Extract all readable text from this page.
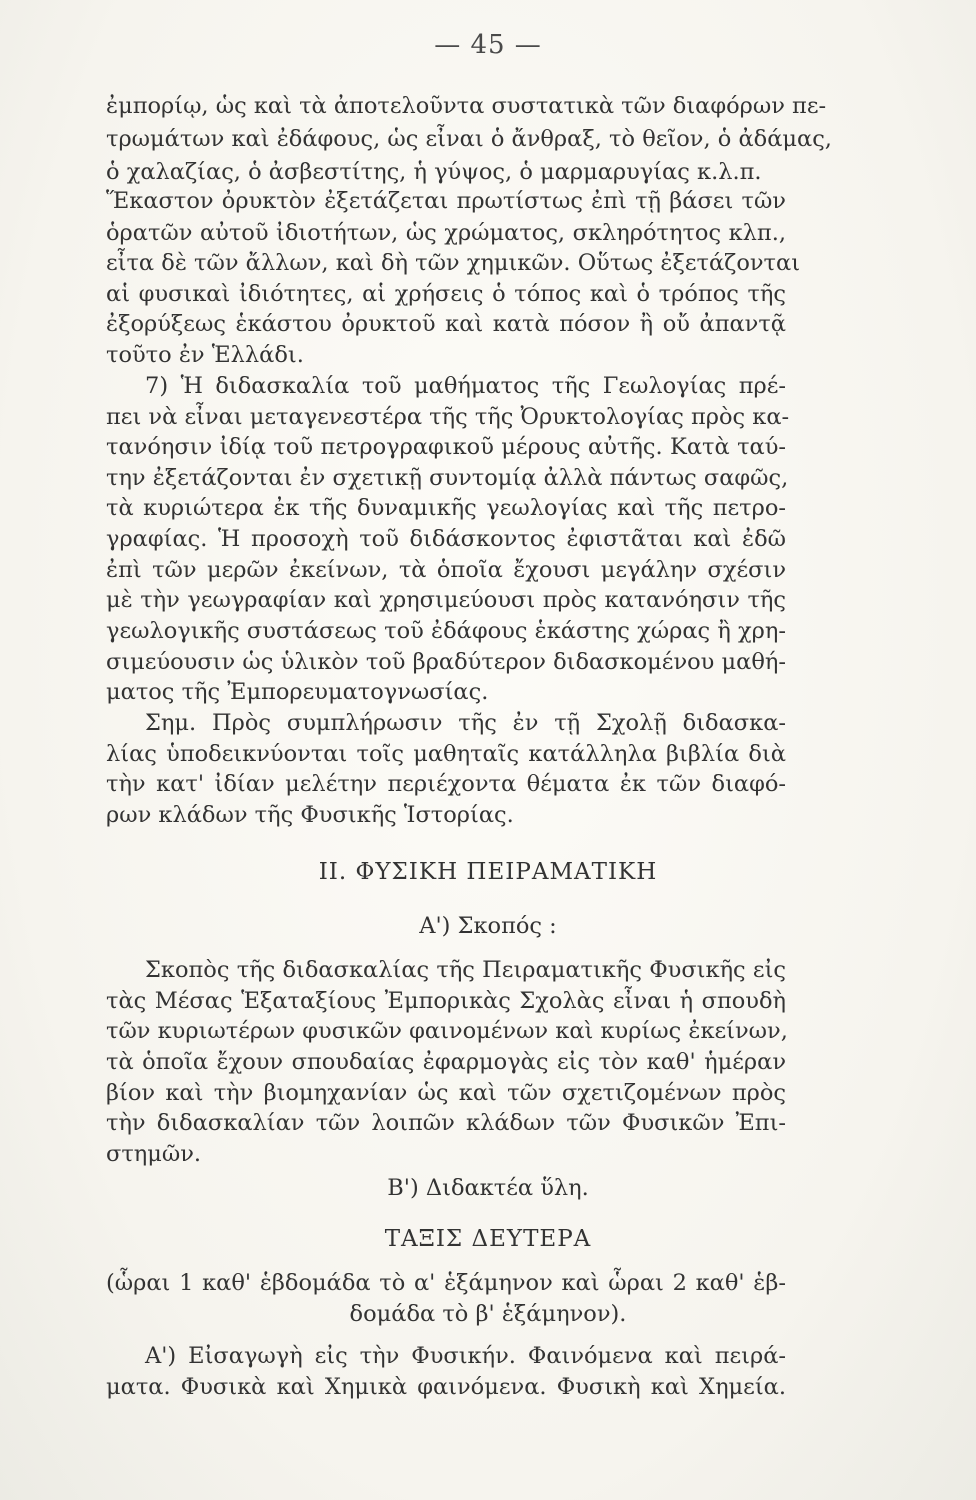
— 45 —
ἐμπορίῳ, ὡς καὶ τὰ ἀποτελοῦντα συστατικὰ τῶν διαφόρων πε-
τρωμάτων καὶ ἐδάφους, ὡς εἶναι ὁ ἄνθραξ, τὸ θεῖον, ὁ ἀδάμας,
ὁ χαλαζίας, ὁ ἀσβεστίτης, ἡ γύψος, ὁ μαρμαρυγίας κ.λ.π.
Ἕκαστον ὀρυκτὸν ἐξετάζεται πρωτίστως ἐπὶ τῇ βάσει τῶν
ὁρατῶν αὐτοῦ ἰδιοτήτων, ὡς χρώματος, σκληρότητος κλπ.,
εἶτα δὲ τῶν ἄλλων, καὶ δὴ τῶν χημικῶν. Οὕτως ἐξετάζονται
αἱ φυσικαὶ ἰδιότητες, αἱ χρήσεις ὁ τόπος καὶ ὁ τρόπος τῆς
ἐξορύξεως ἑκάστου ὀρυκτοῦ καὶ κατὰ πόσον ἢ οὔ ἀπαντᾷ
τοῦτο ἐν Ἑλλάδι.
7) Ἡ διδασκαλία τοῦ μαθήματος τῆς Γεωλογίας πρέ-
πει νὰ εἶναι μεταγενεστέρα τῆς τῆς Ὀρυκτολογίας πρὸς κα-
τανόησιν ἰδίᾳ τοῦ πετρογραφικοῦ μέρους αὐτῆς. Κατὰ ταύ-
την ἐξετάζονται ἐν σχετικῇ συντομίᾳ ἀλλὰ πάντως σαφῶς,
τὰ κυριώτερα ἐκ τῆς δυναμικῆς γεωλογίας καὶ τῆς πετρο-
γραφίας. Ἡ προσοχὴ τοῦ διδάσκοντος ἐφιστᾶται καὶ ἐδῶ
ἐπὶ τῶν μερῶν ἐκείνων, τὰ ὁποῖα ἔχουσι μεγάλην σχέσιν
μὲ τὴν γεωγραφίαν καὶ χρησιμεύουσι πρὸς κατανόησιν τῆς
γεωλογικῆς συστάσεως τοῦ ἐδάφους ἑκάστης χώρας ἢ χρη-
σιμεύουσιν ὡς ὑλικὸν τοῦ βραδύτερον διδασκομένου μαθή-
ματος τῆς Ἐμπορευματογνωσίας.
Σημ. Πρὸς συμπλήρωσιν τῆς ἐν τῇ Σχολῇ διδασκα-
λίας ὑποδεικνύονται τοῖς μαθηταῖς κατάλληλα βιβλία διὰ
τὴν κατ' ἰδίαν μελέτην περιέχοντα θέματα ἐκ τῶν διαφό-
ρων κλάδων τῆς Φυσικῆς Ἱστορίας.
ΙΙ. ΦΥΣΙΚΗ ΠΕΙΡΑΜΑΤΙΚΗ
Α') Σκοπός :
Σκοπὸς τῆς διδασκαλίας τῆς Πειραματικῆς Φυσικῆς εἰς
τὰς Μέσας Ἑξαταξίους Ἐμπορικὰς Σχολὰς εἶναι ἡ σπουδὴ
τῶν κυριωτέρων φυσικῶν φαινομένων καὶ κυρίως ἐκείνων,
τὰ ὁποῖα ἔχουν σπουδαίας ἐφαρμογὰς εἰς τὸν καθ' ἡμέραν
βίον καὶ τὴν βιομηχανίαν ὡς καὶ τῶν σχετιζομένων πρὸς
τὴν διδασκαλίαν τῶν λοιπῶν κλάδων τῶν Φυσικῶν Ἐπι-
στημῶν.
Β') Διδακτέα ὕλη.
ΤΑΞΙΣ ΔΕΥΤΕΡΑ
(ὧραι 1 καθ' ἑβδομάδα τὸ α' ἑξάμηνον καὶ ὧραι 2 καθ' ἑβ-
δομάδα τὸ β' ἑξάμηνον).
Α') Εἰσαγωγὴ εἰς τὴν Φυσικήν. Φαινόμενα καὶ πειρά-
ματα. Φυσικὰ καὶ Χημικὰ φαινόμενα. Φυσικὴ καὶ Χημεία.
